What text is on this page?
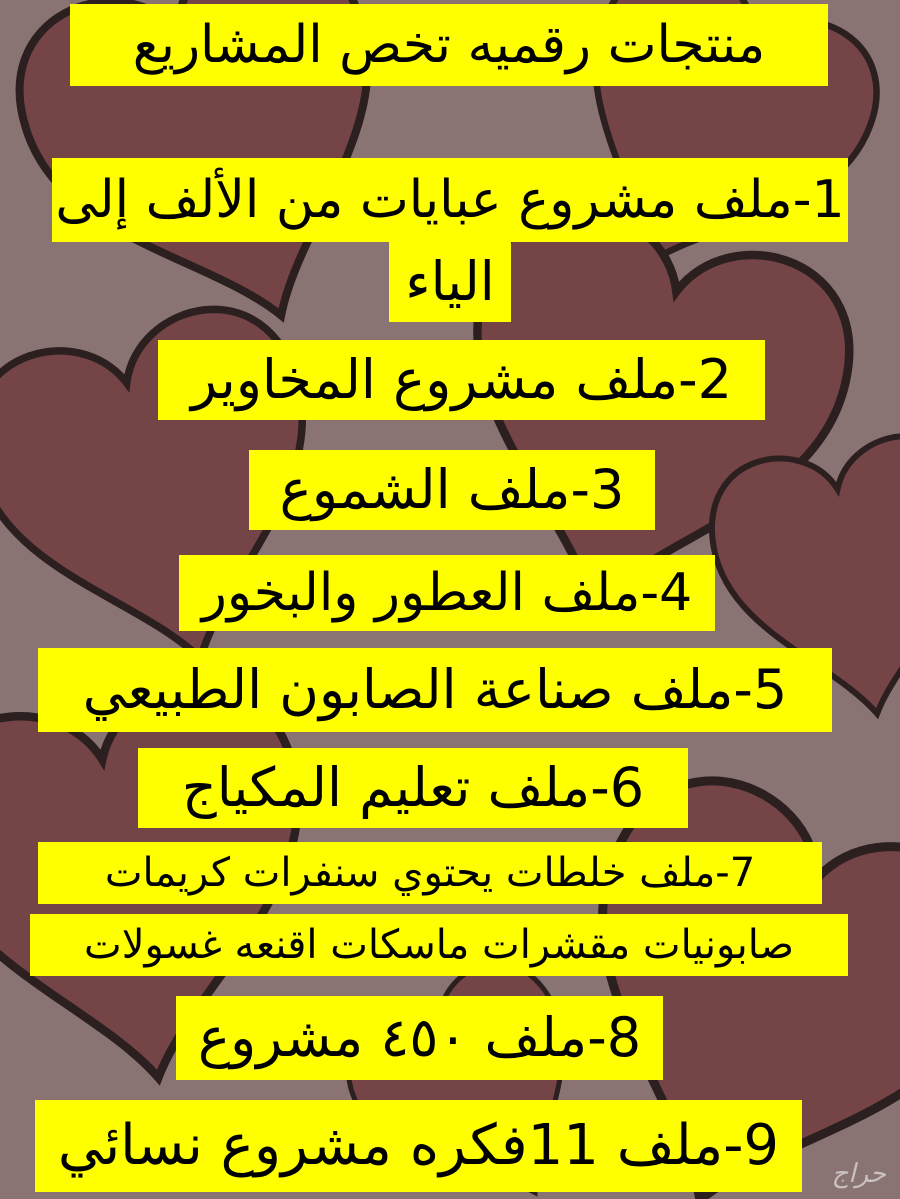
منتجات رقميه تخص المشاريع
1-ملف مشروع عبايات من الألف إلى
الياء
2-ملف مشروع المخاوير
3-ملف الشموع
4-ملف العطور والبخور
5-ملف صناعة الصابون الطبيعي
6-ملف تعليم المكياج
7-ملف خلطات يحتوي سنفرات كريمات
صابونيات مقشرات ماسكات اقنعه غسولات
8-ملف ٤٥٠ مشروع
9-ملف 11فكره مشروع نسائي	حراج
